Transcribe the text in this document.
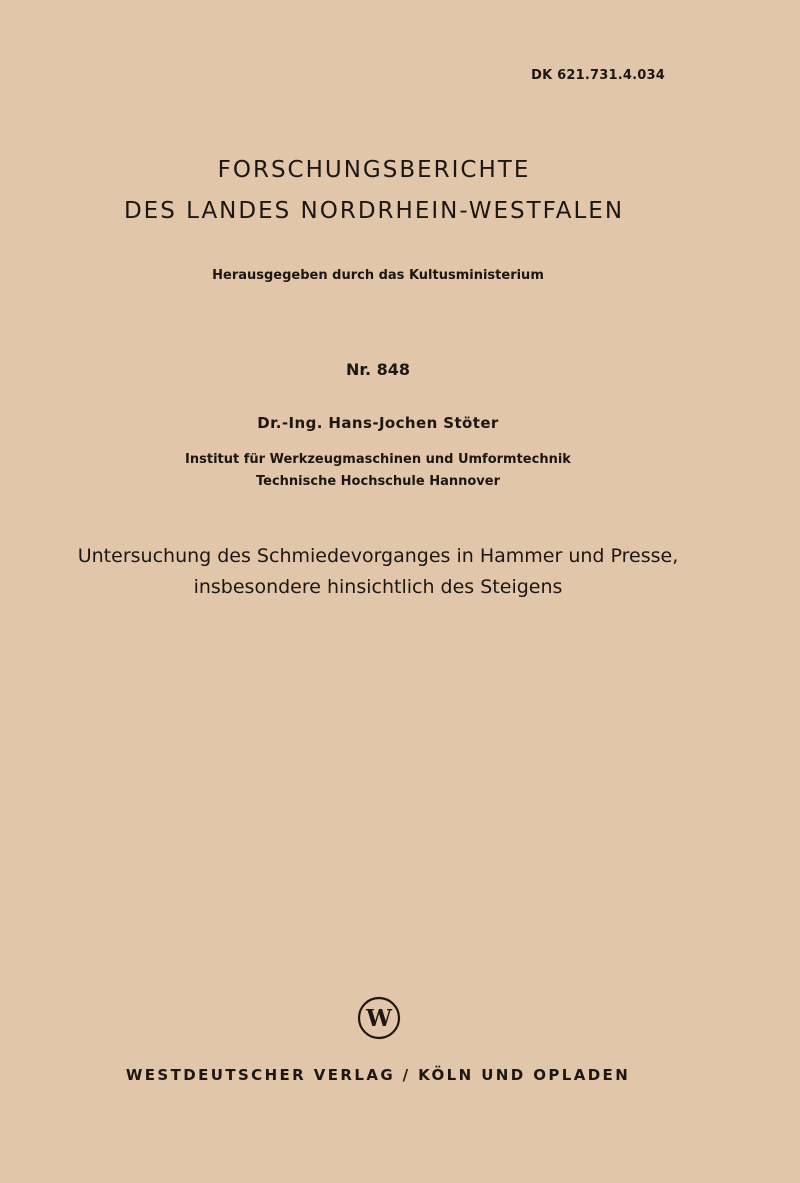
DK 621.731.4.034
FORSCHUNGSBERICHTE
DES LANDES NORDRHEIN-WESTFALEN
Herausgegeben durch das Kultusministerium
Nr. 848
Dr.-Ing. Hans-Jochen Stöter
Institut für Werkzeugmaschinen und Umformtechnik
Technische Hochschule Hannover
Untersuchung des Schmiedevorganges in Hammer und Presse,
insbesondere hinsichtlich des Steigens
W
WESTDEUTSCHER VERLAG / KÖLN UND OPLADEN
